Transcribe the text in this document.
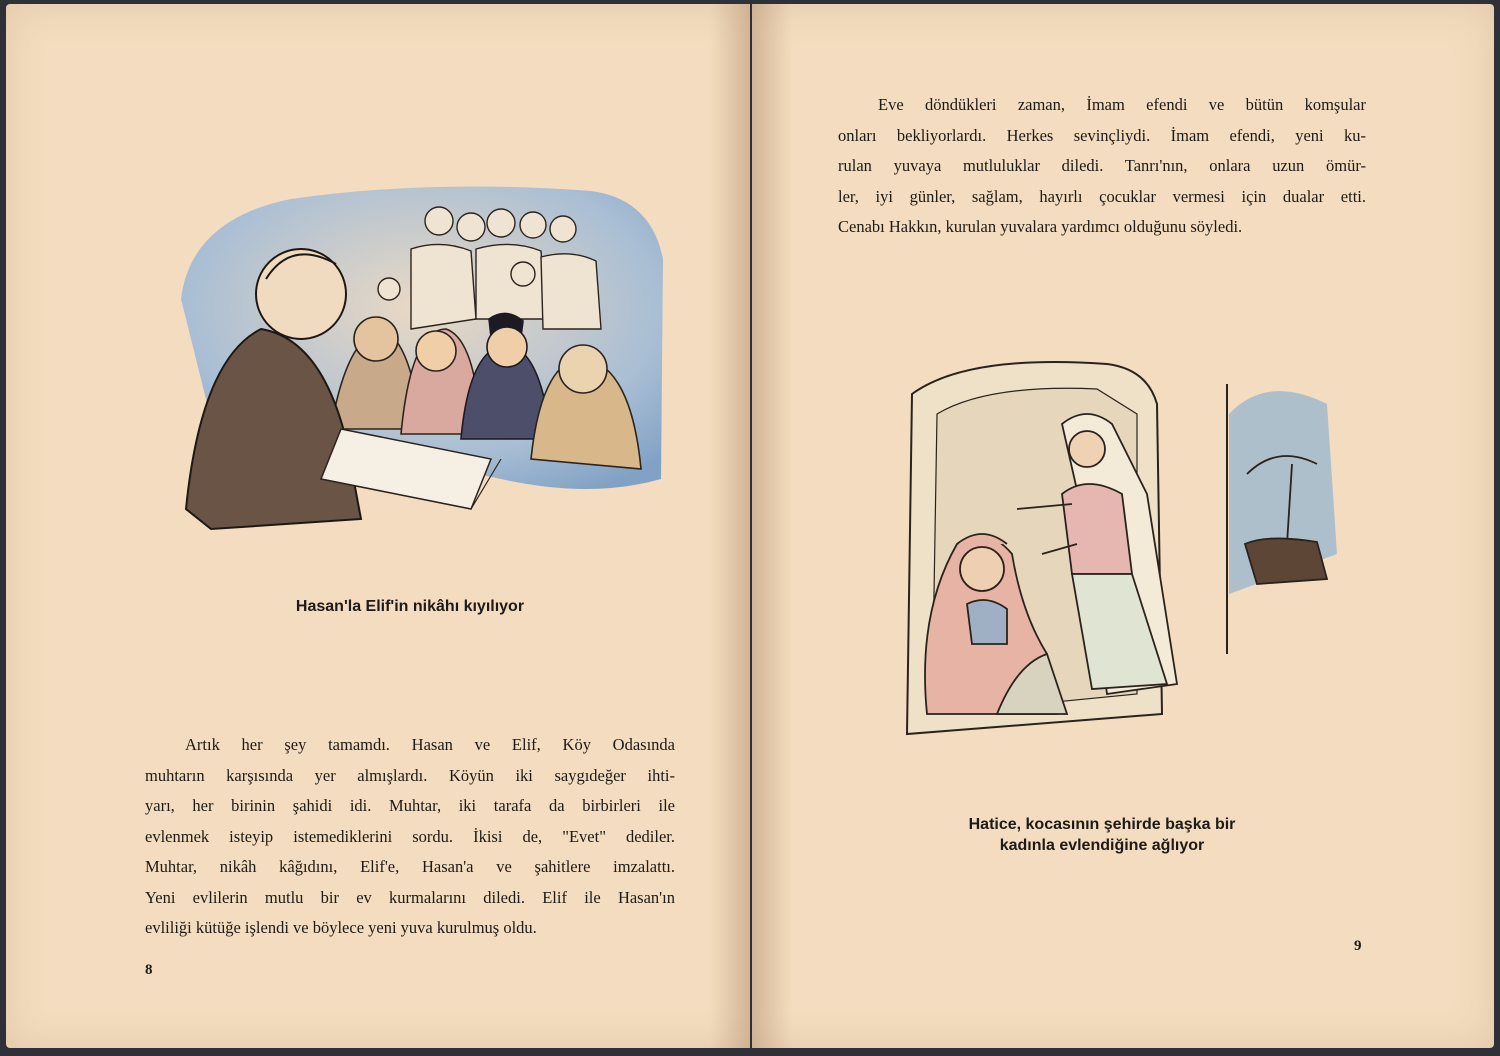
Hasan'la Elif'in nikâhı kıyılıyor
Artık her şey tamamdı. Hasan ve Elif, Köy Odasında
muhtarın karşısında yer almışlardı. Köyün iki saygıdeğer ihti-
yarı, her birinin şahidi idi. Muhtar, iki tarafa da birbirleri ile
evlenmek isteyip istemediklerini sordu. İkisi de, "Evet" dediler.
Muhtar, nikâh kâğıdını, Elif'e, Hasan'a ve şahitlere imzalattı.
Yeni evlilerin mutlu bir ev kurmalarını diledi. Elif ile Hasan'ın
evliliği kütüğe işlendi ve böylece yeni yuva kurulmuş oldu.
8
Eve döndükleri zaman, İmam efendi ve bütün komşular
onları bekliyorlardı. Herkes sevinçliydi. İmam efendi, yeni ku-
rulan yuvaya mutluluklar diledi. Tanrı'nın, onlara uzun ömür-
ler, iyi günler, sağlam, hayırlı çocuklar vermesi için dualar etti.
Cenabı Hakkın, kurulan yuvalara yardımcı olduğunu söyledi.
Hatice, kocasının şehirde başka bir
kadınla evlendiğine ağlıyor
9
